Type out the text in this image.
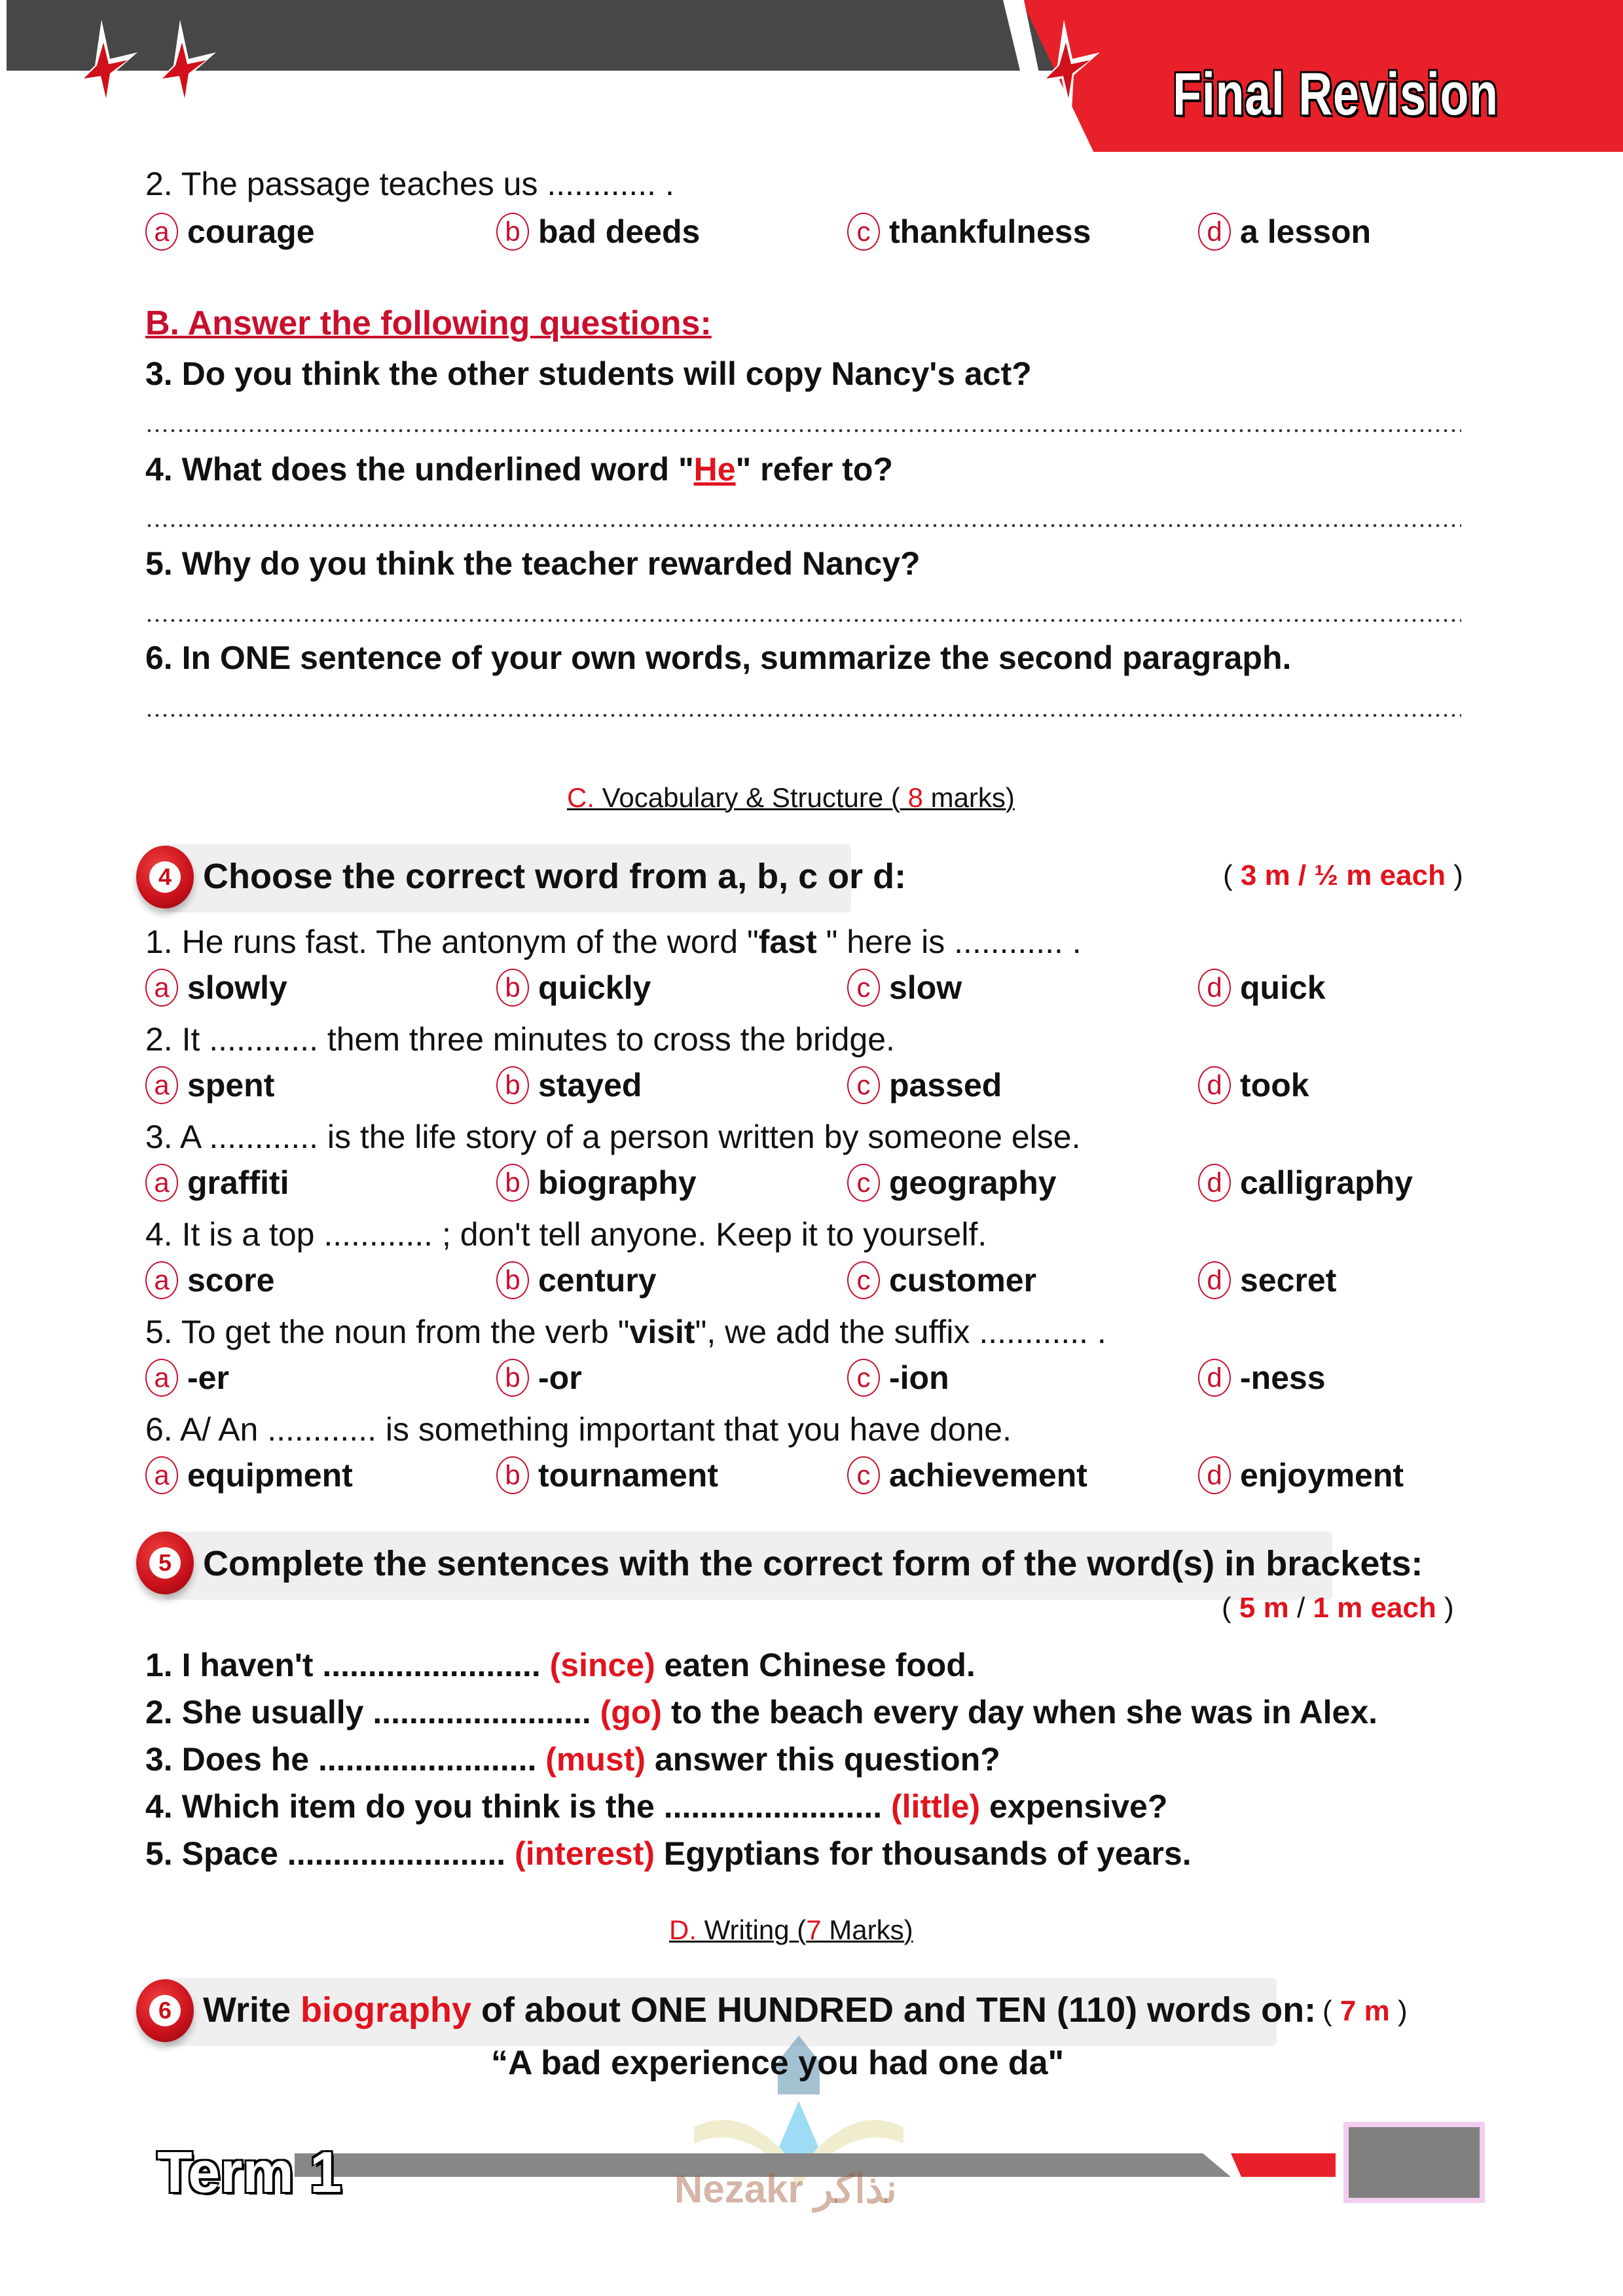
Final Revision
2. The passage teaches us ............ .
a courage	b bad deeds	c thankfulness	d a lesson
B. Answer the following questions:
3. Do you think the other students will copy Nancy's act?
4. What does the underlined word "He" refer to?
5. Why do you think the teacher rewarded Nancy?
6. In ONE sentence of your own words, summarize the second paragraph.
C. Vocabulary & Structure ( 8 marks)
4 Choose the correct word from a, b, c or d:	( 3 m / ½ m each )
1. He runs fast. The antonym of the word "fast " here is ............ .
a slowly	b quickly	c slow	d quick
2. It ............ them three minutes to cross the bridge.
a spent	b stayed	c passed	d took
3. A ............ is the life story of a person written by someone else.
a graffiti	b biography	c geography	d calligraphy
4. It is a top ............ ; don't tell anyone. Keep it to yourself.
a score	b century	c customer	d secret
5. To get the noun from the verb "visit", we add the suffix ............ .
a -er	b -or	c -ion	d -ness
6. A/ An ............ is something important that you have done.
a equipment	b tournament	c achievement	d enjoyment
5 Complete the sentences with the correct form of the word(s) in brackets:
( 5 m / 1 m each )
1. I haven't ........................ (since) eaten Chinese food.
2. She usually ........................ (go) to the beach every day when she was in Alex.
3. Does he ........................ (must) answer this question?
4. Which item do you think is the ........................ (little) expensive?
5. Space ........................ (interest) Egyptians for thousands of years.
D. Writing (7 Marks)
6 Write biography of about ONE HUNDRED and TEN (110) words on: ( 7 m )
“A bad experience you had one da"
Term 1	Nezakr نذاكر
